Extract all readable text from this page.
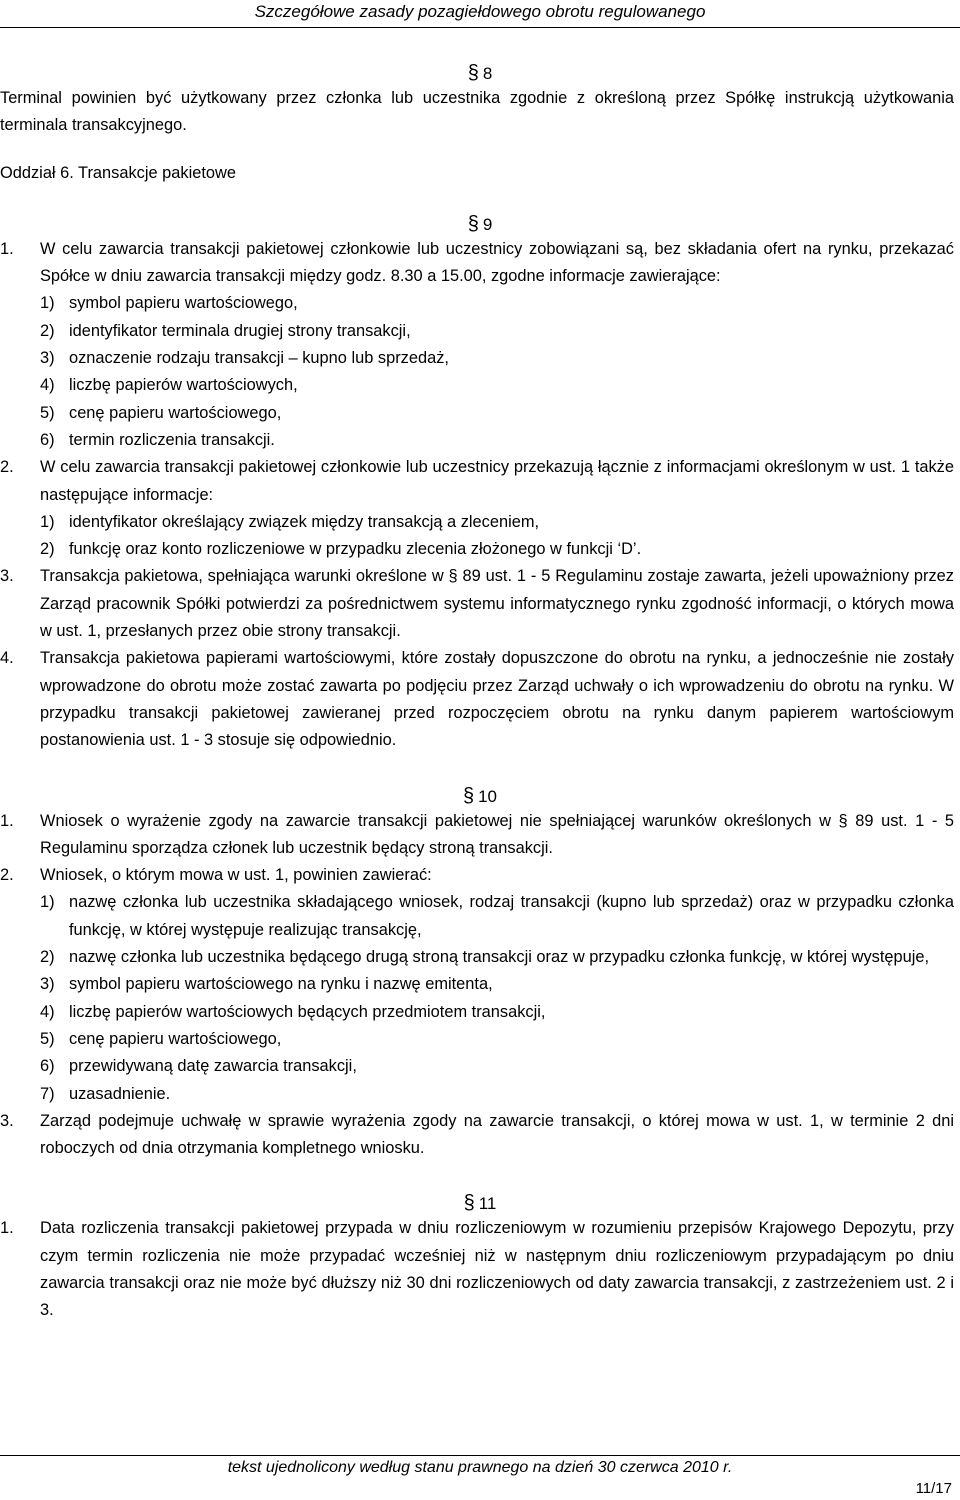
Szczegółowe zasady pozagiełdowego obrotu regulowanego
§ 8

Terminal powinien być użytkowany przez członka lub uczestnika zgodnie z określoną przez Spółkę instrukcją użytkowania terminala transakcyjnego.

Oddział 6. Transakcje pakietowe

§ 9
1.	W celu zawarcia transakcji pakietowej członkowie lub uczestnicy zobowiązani są, bez składania ofert na rynku, przekazać Spółce w dniu zawarcia transakcji między godz. 8.30 a 15.00, zgodne informacje zawierające:
1) symbol papieru wartościowego,
2) identyfikator terminala drugiej strony transakcji,
3) oznaczenie rodzaju transakcji – kupno lub sprzedaż,
4) liczbę papierów wartościowych,
5) cenę papieru wartościowego,
6) termin rozliczenia transakcji.
2.	W celu zawarcia transakcji pakietowej członkowie lub uczestnicy przekazują łącznie z informacjami określonym w ust. 1 także następujące informacje:
1) identyfikator określający związek między transakcją a zleceniem,
2) funkcję oraz konto rozliczeniowe w przypadku zlecenia złożonego w funkcji ‘D’.
3.	Transakcja pakietowa, spełniająca warunki określone w § 89 ust. 1 - 5 Regulaminu zostaje zawarta, jeżeli upoważniony przez Zarząd pracownik Spółki potwierdzi za pośrednictwem systemu informatycznego rynku zgodność informacji, o których mowa w ust. 1, przesłanych przez obie strony transakcji.
4.	Transakcja pakietowa papierami wartościowymi, które zostały dopuszczone do obrotu na rynku, a jednocześnie nie zostały wprowadzone do obrotu może zostać zawarta po podjęciu przez Zarząd uchwały o ich wprowadzeniu do obrotu na rynku. W przypadku transakcji pakietowej zawieranej przed rozpoczęciem obrotu na rynku danym papierem wartościowym postanowienia ust. 1 - 3 stosuje się odpowiednio.
§ 10
1.	Wniosek o wyrażenie zgody na zawarcie transakcji pakietowej nie spełniającej warunków określonych w § 89 ust. 1 - 5 Regulaminu sporządza członek lub uczestnik będący stroną transakcji.
2.	Wniosek, o którym mowa w ust. 1, powinien zawierać:
1) nazwę członka lub uczestnika składającego wniosek, rodzaj transakcji (kupno lub sprzedaż) oraz w przypadku członka funkcję, w której występuje realizując transakcję,
2) nazwę członka lub uczestnika będącego drugą stroną transakcji oraz w przypadku członka funkcję, w której występuje,
3) symbol papieru wartościowego na rynku i nazwę emitenta,
4) liczbę papierów wartościowych będących przedmiotem transakcji,
5) cenę papieru wartościowego,
6) przewidywaną datę zawarcia transakcji,
7) uzasadnienie.
3.	Zarząd podejmuje uchwałę w sprawie wyrażenia zgody na zawarcie transakcji, o której mowa w ust. 1, w terminie 2 dni roboczych od dnia otrzymania kompletnego wniosku.
§ 11
1.	Data rozliczenia transakcji pakietowej przypada w dniu rozliczeniowym w rozumieniu przepisów Krajowego Depozytu, przy czym termin rozliczenia nie może przypadać wcześniej niż w następnym dniu rozliczeniowym przypadającym po dniu zawarcia transakcji oraz nie może być dłuższy niż 30 dni rozliczeniowych od daty zawarcia transakcji, z zastrzeżeniem ust. 2 i 3.
tekst ujednolicony według stanu prawnego na dzień 30 czerwca 2010 r.
11/17
